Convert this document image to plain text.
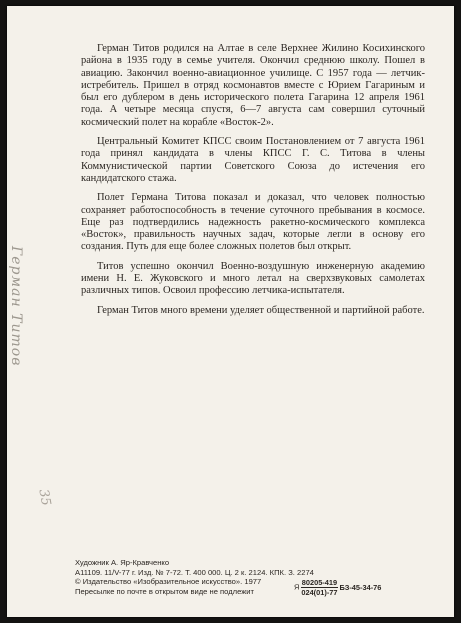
Герман Титов родился на Алтае в селе Верхнее Жилино Косихинского района в 1935 году в семье учителя. Окончил среднюю школу. Пошел в авиацию. Закончил военно-авиационное училище. С 1957 года — летчик-истребитель. Пришел в отряд космонавтов вместе с Юрием Гагариным и был его дублером в день исторического полета Гагарина 12 апреля 1961 года. А четыре месяца спустя, 6—7 августа сам совершил суточный космический полет на корабле «Восток-2».

Центральный Комитет КПСС своим Постановлением от 7 августа 1961 года принял кандидата в члены КПСС Г. С. Титова в члены Коммунистической партии Советского Союза до истечения его кандидатского стажа.

Полет Германа Титова показал и доказал, что человек полностью сохраняет работоспособность в течение суточного пребывания в космосе. Еще раз подтвердились надежность ракетно-космического комплекса «Восток», правильность научных задач, которые легли в основу его создания. Путь для еще более сложных полетов был открыт.

Титов успешно окончил Военно-воздушную инженерную академию имени Н. Е. Жуковского и много летал на сверхзвуковых самолетах различных типов. Освоил профессию летчика-испытателя.

Герман Титов много времени уделяет общественной и партийной работе.

Художник А. Яр-Кравченко
А11109. 11/V-77 г. Изд. № 7-72. Т. 400 000. Ц. 2 к. 2124. КПК. З. 2274
© Издательство «Изобразительное искусство». 1977
Пересылке по почте в открытом виде не подлежит	Я $\frac{80205-419}{024(01)-77} БЗ-45-34-76$
Герман Титов
35
